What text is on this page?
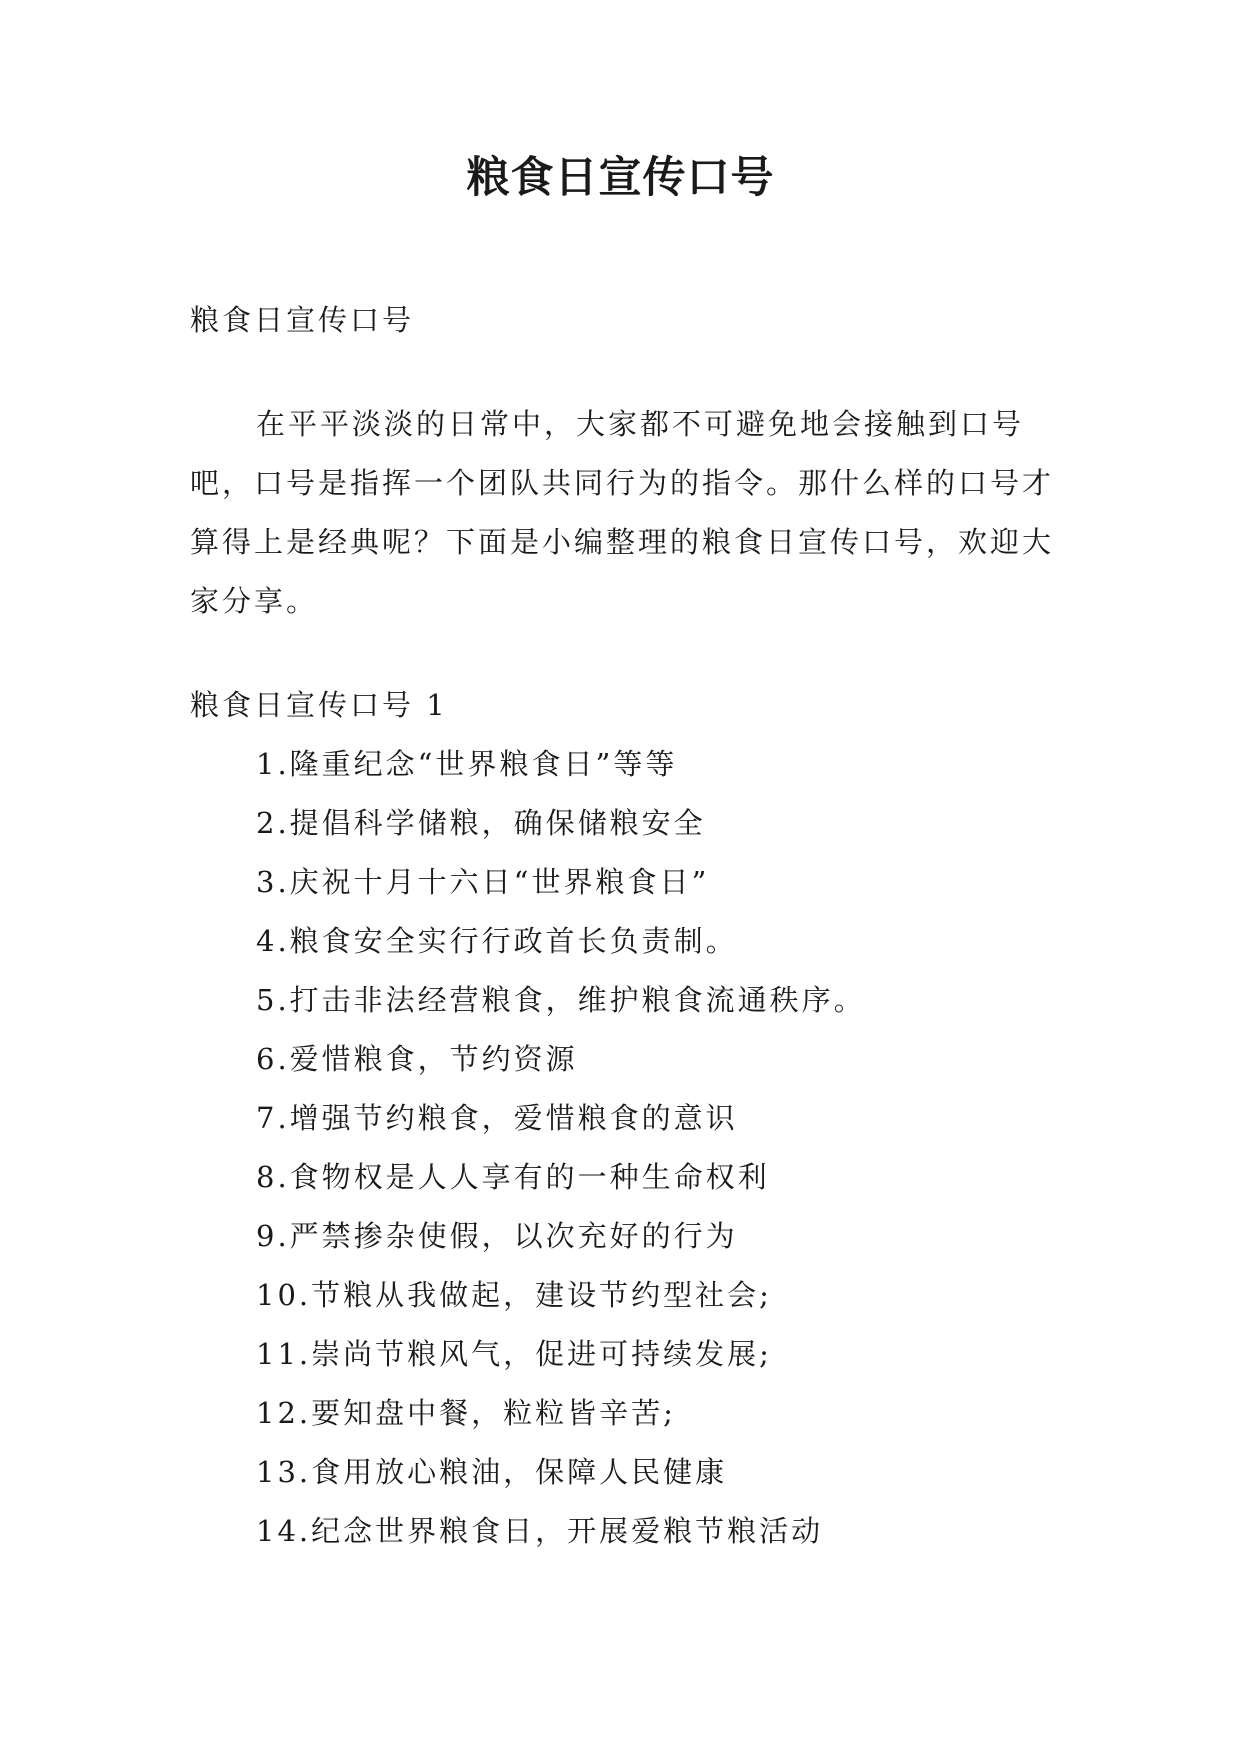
粮食日宣传口号

粮食日宣传口号

在平平淡淡的日常中，大家都不可避免地会接触到口号吧，口号是指挥一个团队共同行为的指令。那什么样的口号才算得上是经典呢？下面是小编整理的粮食日宣传口号，欢迎大家分享。

粮食日宣传口号 1

1.隆重纪念“世界粮食日”等等
2.提倡科学储粮，确保储粮安全
3.庆祝十月十六日“世界粮食日”
4.粮食安全实行行政首长负责制。
5.打击非法经营粮食，维护粮食流通秩序。
6.爱惜粮食，节约资源
7.增强节约粮食，爱惜粮食的意识
8.食物权是人人享有的一种生命权利
9.严禁掺杂使假，以次充好的行为
10.节粮从我做起，建设节约型社会;
11.崇尚节粮风气，促进可持续发展;
12.要知盘中餐，粒粒皆辛苦;
13.食用放心粮油，保障人民健康
14.纪念世界粮食日，开展爱粮节粮活动
